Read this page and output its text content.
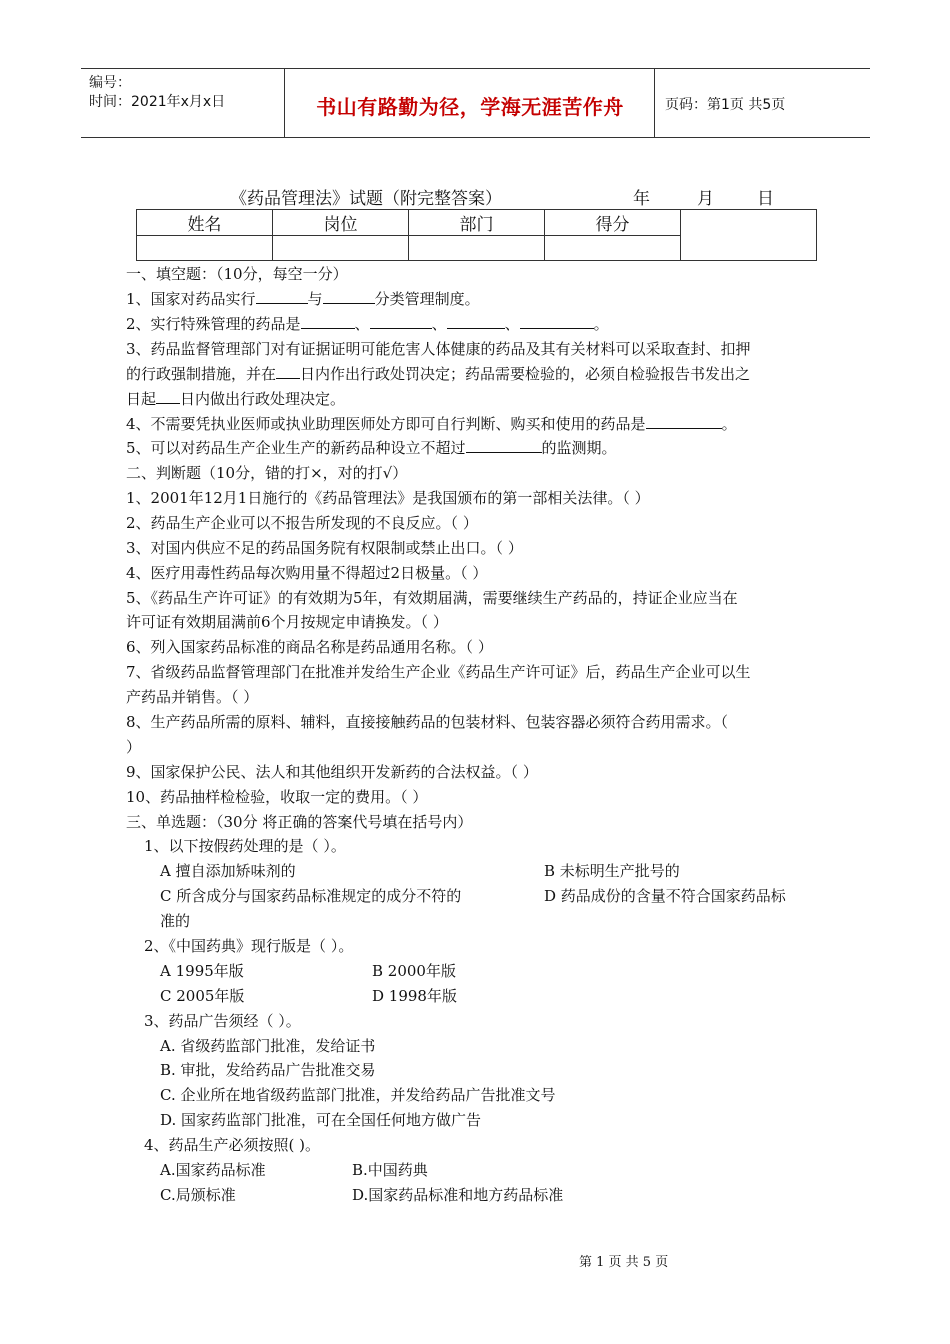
编号：
时间：2021年x月x日	书山有路勤为径，学海无涯苦作舟	页码：第1页 共5页
《药品管理法》试题（附完整答案）	年	月	日
姓名	岗位	部门	得分	

一、填空题：（10分，每空一分）
1、国家对药品实行	与	分类管理制度。
2、实行特殊管理的药品是	、	、	、	。
3、药品监督管理部门对有证据证明可能危害人体健康的药品及其有关材料可以采取查封、扣押
的行政强制措施，并在 日内作出行政处罚决定；药品需要检验的，必须自检验报告书发出之
日起 日内做出行政处理决定。
4、不需要凭执业医师或执业助理医师处方即可自行判断、购买和使用的药品是	。
5、可以对药品生产企业生产的新药品种设立不超过	的监测期。
二、判断题（10分，错的打×，对的打√）
1、2001年12月1日施行的《药品管理法》是我国颁布的第一部相关法律。（ ）
2、药品生产企业可以不报告所发现的不良反应。（ ）
3、对国内供应不足的药品国务院有权限制或禁止出口。（ ）
4、医疗用毒性药品每次购用量不得超过2日极量。（ ）
5、《药品生产许可证》的有效期为5年，有效期届满，需要继续生产药品的，持证企业应当在
许可证有效期届满前6个月按规定申请换发。（ ）
6、列入国家药品标准的商品名称是药品通用名称。（ ）
7、省级药品监督管理部门在批准并发给生产企业《药品生产许可证》后，药品生产企业可以生
产药品并销售。（ ）
8、生产药品所需的原料、辅料，直接接触药品的包装材料、包装容器必须符合药用需求。（
）
9、国家保护公民、法人和其他组织开发新药的合法权益。（ ）
10、药品抽样检检验，收取一定的费用。（ ）
三、单选题：（30分 将正确的答案代号填在括号内）
1、以下按假药处理的是（ ）。
A 擅自添加矫味剂的	B 未标明生产批号的
C 所含成分与国家药品标准规定的成分不符的	D 药品成份的含量不符合国家药品标
准的
2、《中国药典》现行版是（ ）。
A 1995年版	B 2000年版
C 2005年版	D 1998年版
3、药品广告须经（ ）。
A. 省级药监部门批准，发给证书
B. 审批，发给药品广告批准交易
C. 企业所在地省级药监部门批准，并发给药品广告批准文号
D. 国家药监部门批准，可在全国任何地方做广告
4、药品生产必须按照( )。
A.国家药品标准	B.中国药典
C.局颁标准	D.国家药品标准和地方药品标准
第 1 页 共 5 页
